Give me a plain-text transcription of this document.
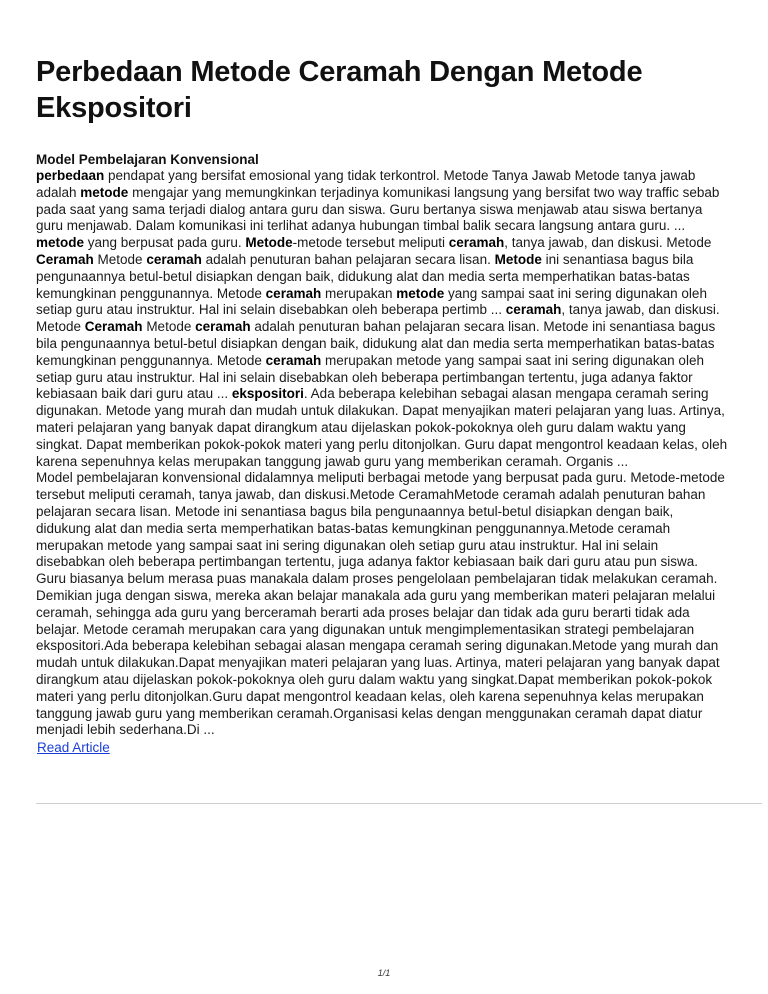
Perbedaan Metode Ceramah Dengan Metode Ekspositori
Model Pembelajaran Konvensional

perbedaan pendapat yang bersifat emosional yang tidak terkontrol. Metode Tanya Jawab Metode tanya jawab adalah metode mengajar yang memungkinkan terjadinya komunikasi langsung yang bersifat two way traffic sebab pada saat yang sama terjadi dialog antara guru dan siswa. Guru bertanya siswa menjawab atau siswa bertanya guru menjawab. Dalam komunikasi ini terlihat adanya hubungan timbal balik secara langsung antara guru. ... metode yang berpusat pada guru. Metode-metode tersebut meliputi ceramah, tanya jawab, dan diskusi. Metode Ceramah Metode ceramah adalah penuturan bahan pelajaran secara lisan. Metode ini senantiasa bagus bila pengunaannya betul-betul disiapkan dengan baik, didukung alat dan media serta memperhatikan batas-batas kemungkinan penggunannya. Metode ceramah merupakan metode yang sampai saat ini sering digunakan oleh setiap guru atau instruktur. Hal ini selain disebabkan oleh beberapa pertimb ... ceramah, tanya jawab, dan diskusi. Metode Ceramah Metode ceramah adalah penuturan bahan pelajaran secara lisan. Metode ini senantiasa bagus bila pengunaannya betul-betul disiapkan dengan baik, didukung alat dan media serta memperhatikan batas-batas kemungkinan penggunannya. Metode ceramah merupakan metode yang sampai saat ini sering digunakan oleh setiap guru atau instruktur. Hal ini selain disebabkan oleh beberapa pertimbangan tertentu, juga adanya faktor kebiasaan baik dari guru atau ... ekspositori. Ada beberapa kelebihan sebagai alasan mengapa ceramah sering digunakan. Metode yang murah dan mudah untuk dilakukan. Dapat menyajikan materi pelajaran yang luas. Artinya, materi pelajaran yang banyak dapat dirangkum atau dijelaskan pokok-pokoknya oleh guru dalam waktu yang singkat. Dapat memberikan pokok-pokok materi yang perlu ditonjolkan. Guru dapat mengontrol keadaan kelas, oleh karena sepenuhnya kelas merupakan tanggung jawab guru yang memberikan ceramah. Organis ...

Model pembelajaran konvensional didalamnya meliputi berbagai metode yang berpusat pada guru. Metode-metode tersebut meliputi ceramah, tanya jawab, dan diskusi.Metode CeramahMetode ceramah adalah penuturan bahan pelajaran secara lisan. Metode ini senantiasa bagus bila pengunaannya betul-betul disiapkan dengan baik, didukung alat dan media serta memperhatikan batas-batas kemungkinan penggunannya.Metode ceramah merupakan metode yang sampai saat ini sering digunakan oleh setiap guru atau instruktur. Hal ini selain disebabkan oleh beberapa pertimbangan tertentu, juga adanya faktor kebiasaan baik dari guru atau pun siswa. Guru biasanya belum merasa puas manakala dalam proses pengelolaan pembelajaran tidak melakukan ceramah. Demikian juga dengan siswa, mereka akan belajar manakala ada guru yang memberikan materi pelajaran melalui ceramah, sehingga ada guru yang berceramah berarti ada proses belajar dan tidak ada guru berarti tidak ada belajar. Metode ceramah merupakan cara yang digunakan untuk mengimplementasikan strategi pembelajaran ekspositori.Ada beberapa kelebihan sebagai alasan mengapa ceramah sering digunakan.Metode yang murah dan mudah untuk dilakukan.Dapat menyajikan materi pelajaran yang luas. Artinya, materi pelajaran yang banyak dapat dirangkum atau dijelaskan pokok-pokoknya oleh guru dalam waktu yang singkat.Dapat memberikan pokok-pokok materi yang perlu ditonjolkan.Guru dapat mengontrol keadaan kelas, oleh karena sepenuhnya kelas merupakan tanggung jawab guru yang memberikan ceramah.Organisasi kelas dengan menggunakan ceramah dapat diatur menjadi lebih sederhana.Di ...

Read Article
1/1
